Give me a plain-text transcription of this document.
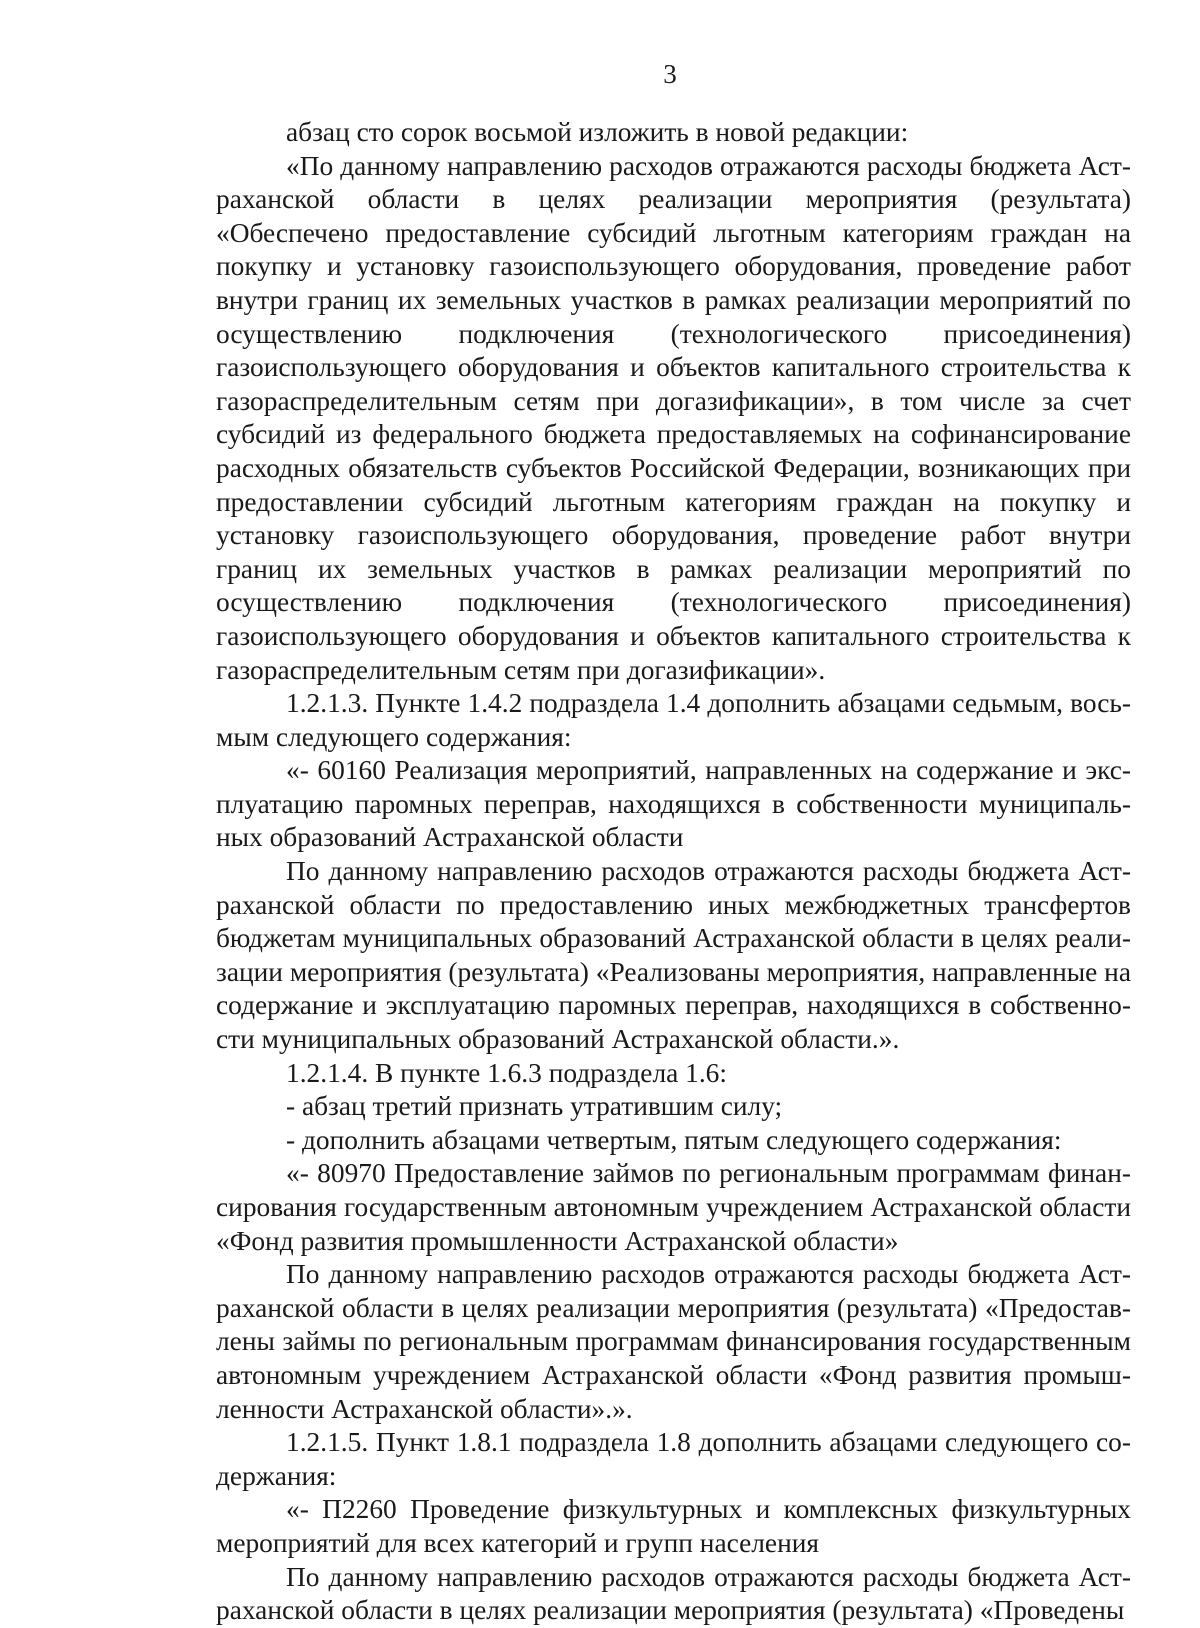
3

абзац сто сорок восьмой изложить в новой редакции:

«По данному направлению расходов отражаются расходы бюджета Астраханской области в целях реализации мероприятия (результата) «Обеспечено предоставление субсидий льготным категориям граждан на покупку и установку газоиспользующего оборудования, проведение работ внутри границ их земельных участков в рамках реализации мероприятий по осуществлению подключения (технологического присоединения) газоиспользующего оборудования и объектов капитального строительства к газораспределительным сетям при догазификации», в том числе за счет субсидий из федерального бюджета предоставляемых на софинансирование расходных обязательств субъектов Российской Федерации, возникающих при предоставлении субсидий льготным категориям граждан на покупку и установку газоиспользующего оборудования, проведение работ внутри границ их земельных участков в рамках реализации мероприятий по осуществлению подключения (технологического присоединения) газоиспользующего оборудования и объектов капитального строительства к газораспределительным сетям при догазификации».

1.2.1.3. Пункте 1.4.2 подраздела 1.4 дополнить абзацами седьмым, восьмым следующего содержания:

«- 60160 Реализация мероприятий, направленных на содержание и эксплуатацию паромных переправ, находящихся в собственности муниципальных образований Астраханской области

По данному направлению расходов отражаются расходы бюджета Астраханской области по предоставлению иных межбюджетных трансфертов бюджетам муниципальных образований Астраханской области в целях реализации мероприятия (результата) «Реализованы мероприятия, направленные на содержание и эксплуатацию паромных переправ, находящихся в собственности муниципальных образований Астраханской области.».

1.2.1.4. В пункте 1.6.3 подраздела 1.6:

- абзац третий признать утратившим силу;

- дополнить абзацами четвертым, пятым следующего содержания:

«- 80970 Предоставление займов по региональным программам финансирования государственным автономным учреждением Астраханской области «Фонд развития промышленности Астраханской области»

По данному направлению расходов отражаются расходы бюджета Астраханской области в целях реализации мероприятия (результата) «Предоставлены займы по региональным программам финансирования государственным автономным учреждением Астраханской области «Фонд развития промышленности Астраханской области».».

1.2.1.5. Пункт 1.8.1 подраздела 1.8 дополнить абзацами следующего содержания:

«- П2260 Проведение физкультурных и комплексных физкультурных мероприятий для всех категорий и групп населения

По данному направлению расходов отражаются расходы бюджета Астраханской области в целях реализации мероприятия (результата) «Проведены
